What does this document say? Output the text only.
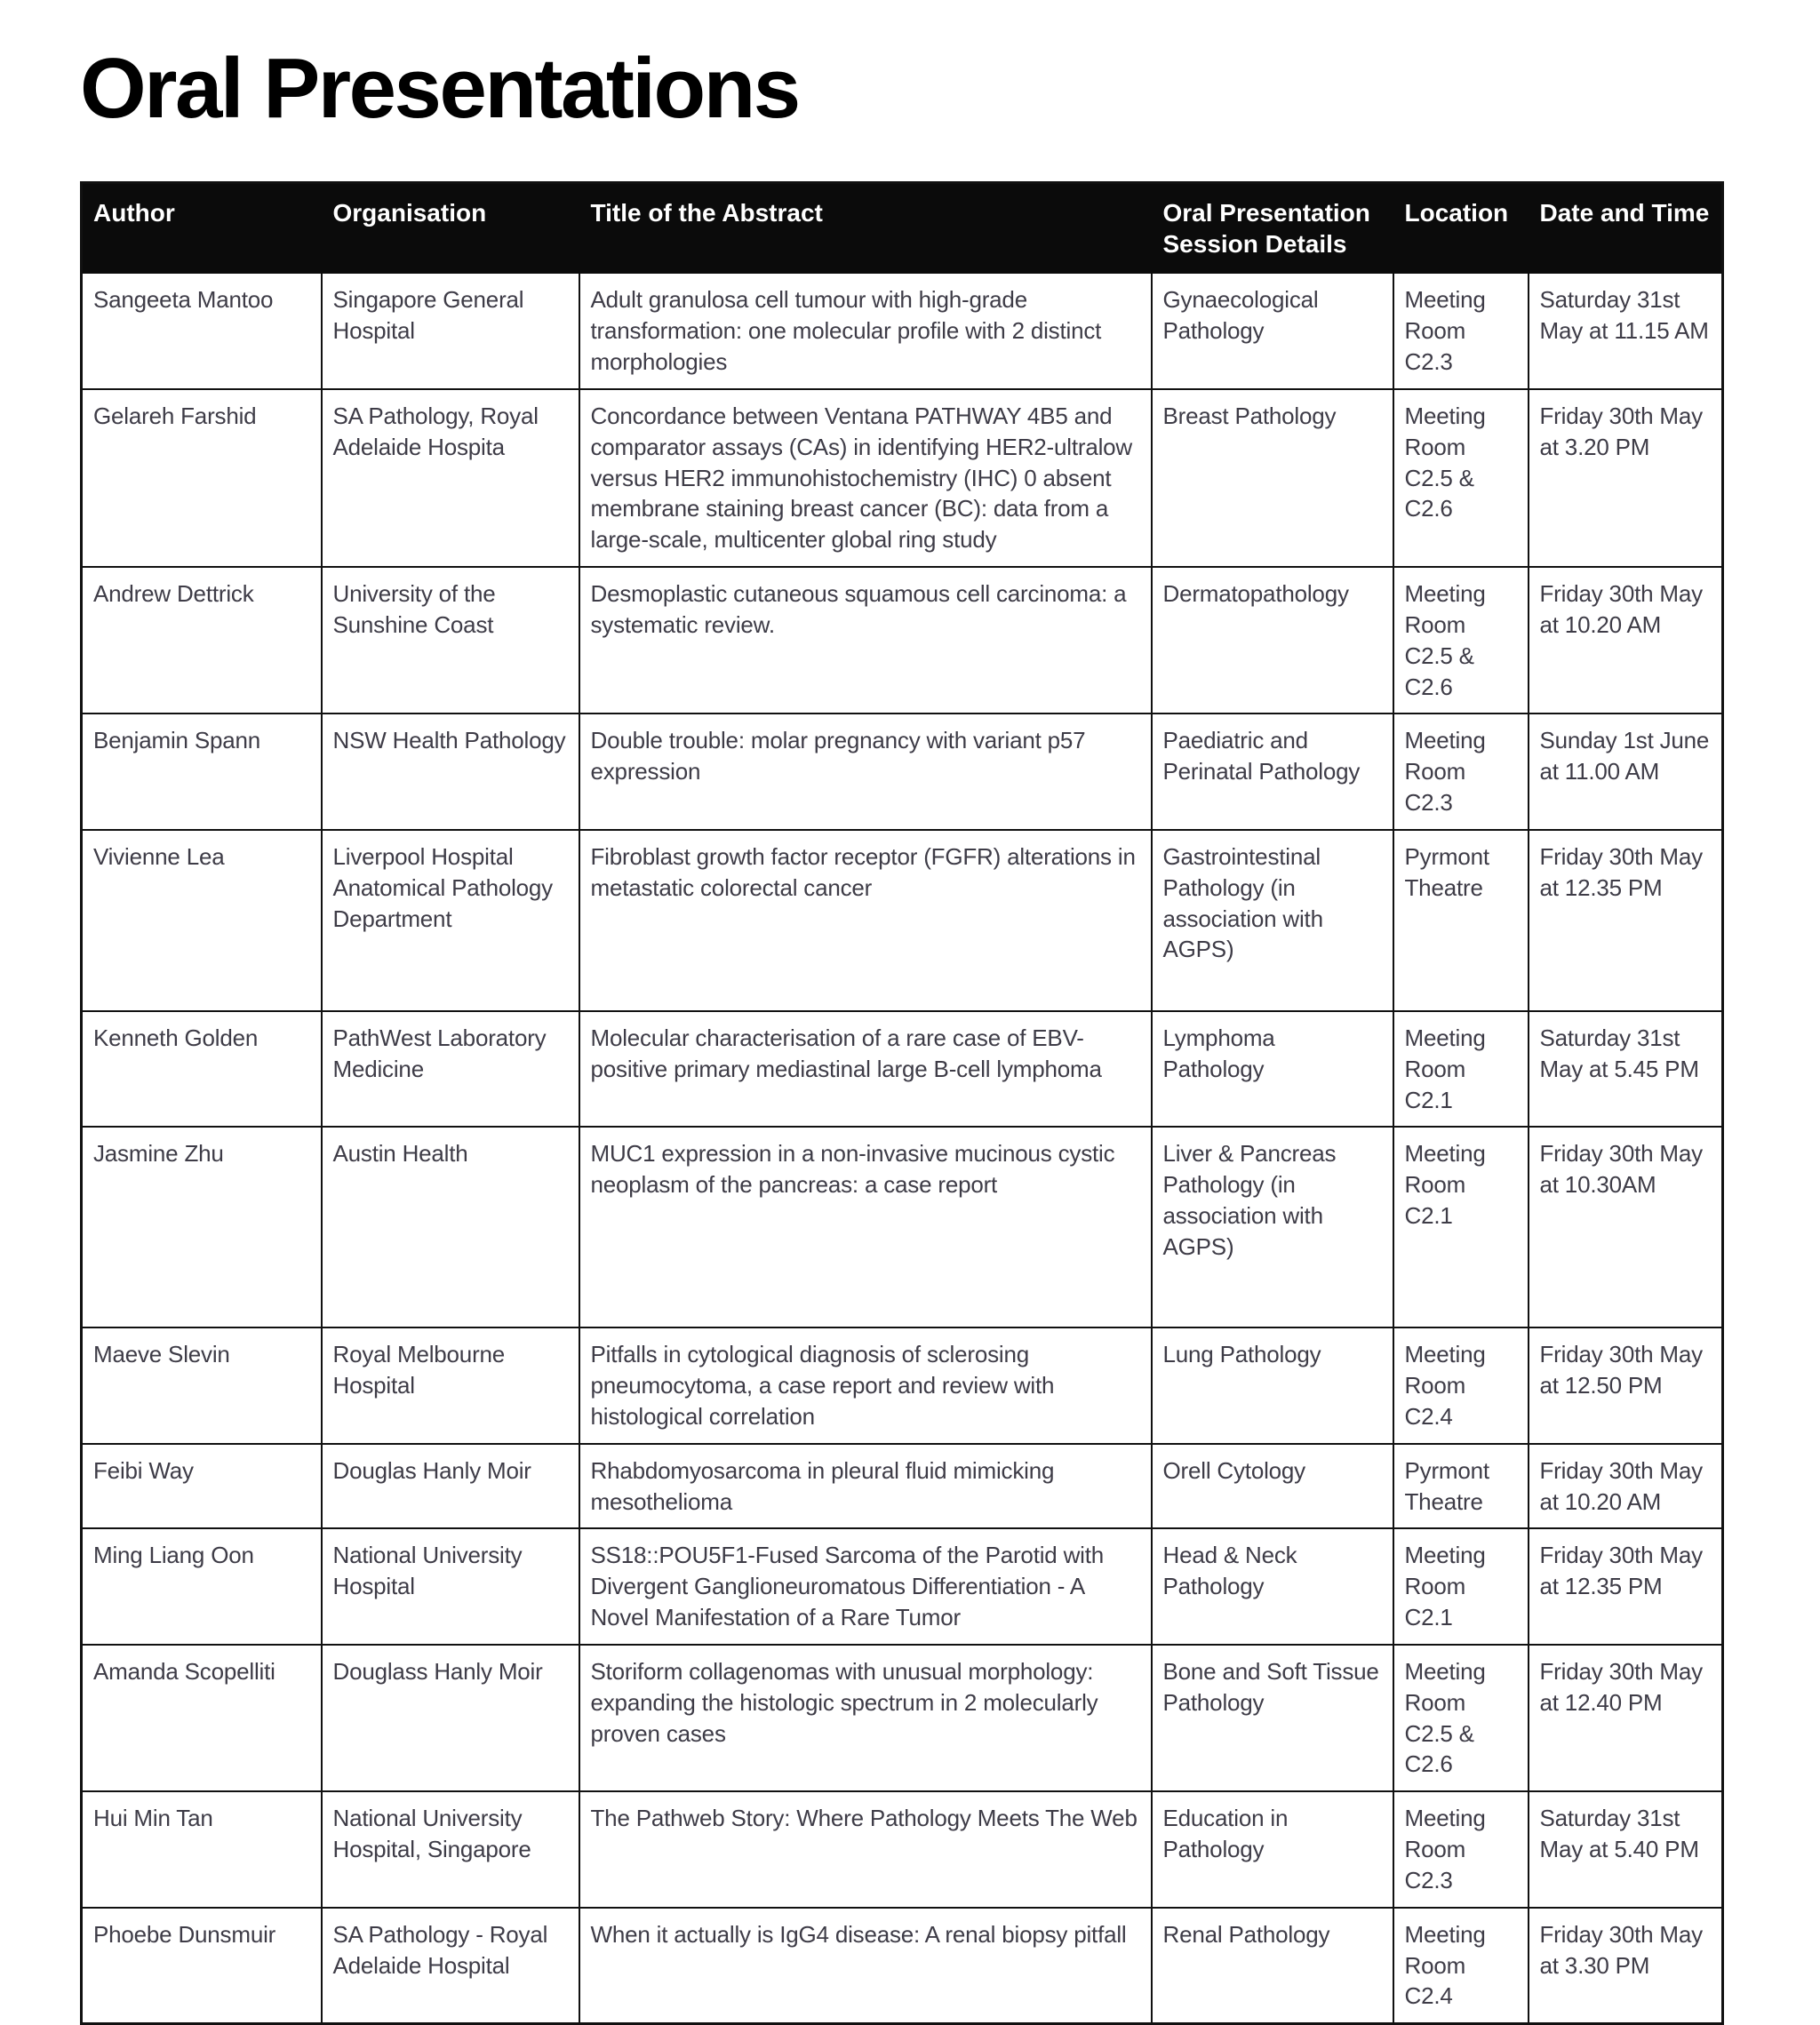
Oral Presentations
Author	Organisation	Title of the Abstract	Oral Presentation Session Details	Location	Date and Time
Sangeeta Mantoo	Singapore General Hospital	Adult granulosa cell tumour with high-grade transformation: one molecular profile with 2 distinct morphologies	Gynaecological Pathology	Meeting Room C2.3	Saturday 31st May at 11.15 AM
Gelareh Farshid	SA Pathology, Royal Adelaide Hospita	Concordance between Ventana PATHWAY 4B5 and comparator assays (CAs) in identifying HER2-ultralow versus HER2 immunohistochemistry (IHC) 0 absent membrane staining breast cancer (BC): data from a large-scale, multicenter global ring study	Breast Pathology	Meeting Room C2.5 & C2.6	Friday 30th May at 3.20 PM
Andrew Dettrick	University of the Sunshine Coast	Desmoplastic cutaneous squamous cell carcinoma: a systematic review.	Dermatopathology	Meeting Room C2.5 & C2.6	Friday 30th May at 10.20 AM
Benjamin Spann	NSW Health Pathology	Double trouble: molar pregnancy with variant p57 expression	Paediatric and Perinatal Pathology	Meeting Room C2.3	Sunday 1st June at 11.00 AM
Vivienne Lea	Liverpool Hospital Anatomical Pathology Department	Fibroblast growth factor receptor (FGFR) alterations in metastatic colorectal cancer	Gastrointestinal Pathology (in association with AGPS)	Pyrmont Theatre	Friday 30th May at 12.35 PM
Kenneth Golden	PathWest Laboratory Medicine	Molecular characterisation of a rare case of EBV-positive primary mediastinal large B-cell lymphoma	Lymphoma Pathology	Meeting Room C2.1	Saturday 31st May at 5.45 PM
Jasmine Zhu	Austin Health	MUC1 expression in a non-invasive mucinous cystic neoplasm of the pancreas: a case report	Liver & Pancreas Pathology (in association with AGPS)	Meeting Room C2.1	Friday 30th May at 10.30AM
Maeve Slevin	Royal Melbourne Hospital	Pitfalls in cytological diagnosis of sclerosing pneumocytoma, a case report and review with histological correlation	Lung Pathology	Meeting Room C2.4	Friday 30th May at 12.50 PM
Feibi Way	Douglas Hanly Moir	Rhabdomyosarcoma in pleural fluid mimicking mesothelioma	Orell Cytology	Pyrmont Theatre	Friday 30th May at 10.20 AM
Ming Liang Oon	National University Hospital	SS18::POU5F1-Fused Sarcoma of the Parotid with Divergent Ganglioneuromatous Differentiation - A Novel Manifestation of a Rare Tumor	Head & Neck Pathology	Meeting Room C2.1	Friday 30th May at 12.35 PM
Amanda Scopelliti	Douglass Hanly Moir	Storiform collagenomas with unusual morphology: expanding the histologic spectrum in 2 molecularly proven cases	Bone and Soft Tissue Pathology	Meeting Room C2.5 & C2.6	Friday 30th May at 12.40 PM
Hui Min Tan	National University Hospital, Singapore	The Pathweb Story: Where Pathology Meets The Web	Education in Pathology	Meeting Room C2.3	Saturday 31st May at 5.40 PM
Phoebe Dunsmuir	SA Pathology - Royal Adelaide Hospital	When it actually is IgG4 disease: A renal biopsy pitfall	Renal Pathology	Meeting Room C2.4	Friday 30th May at 3.30 PM
